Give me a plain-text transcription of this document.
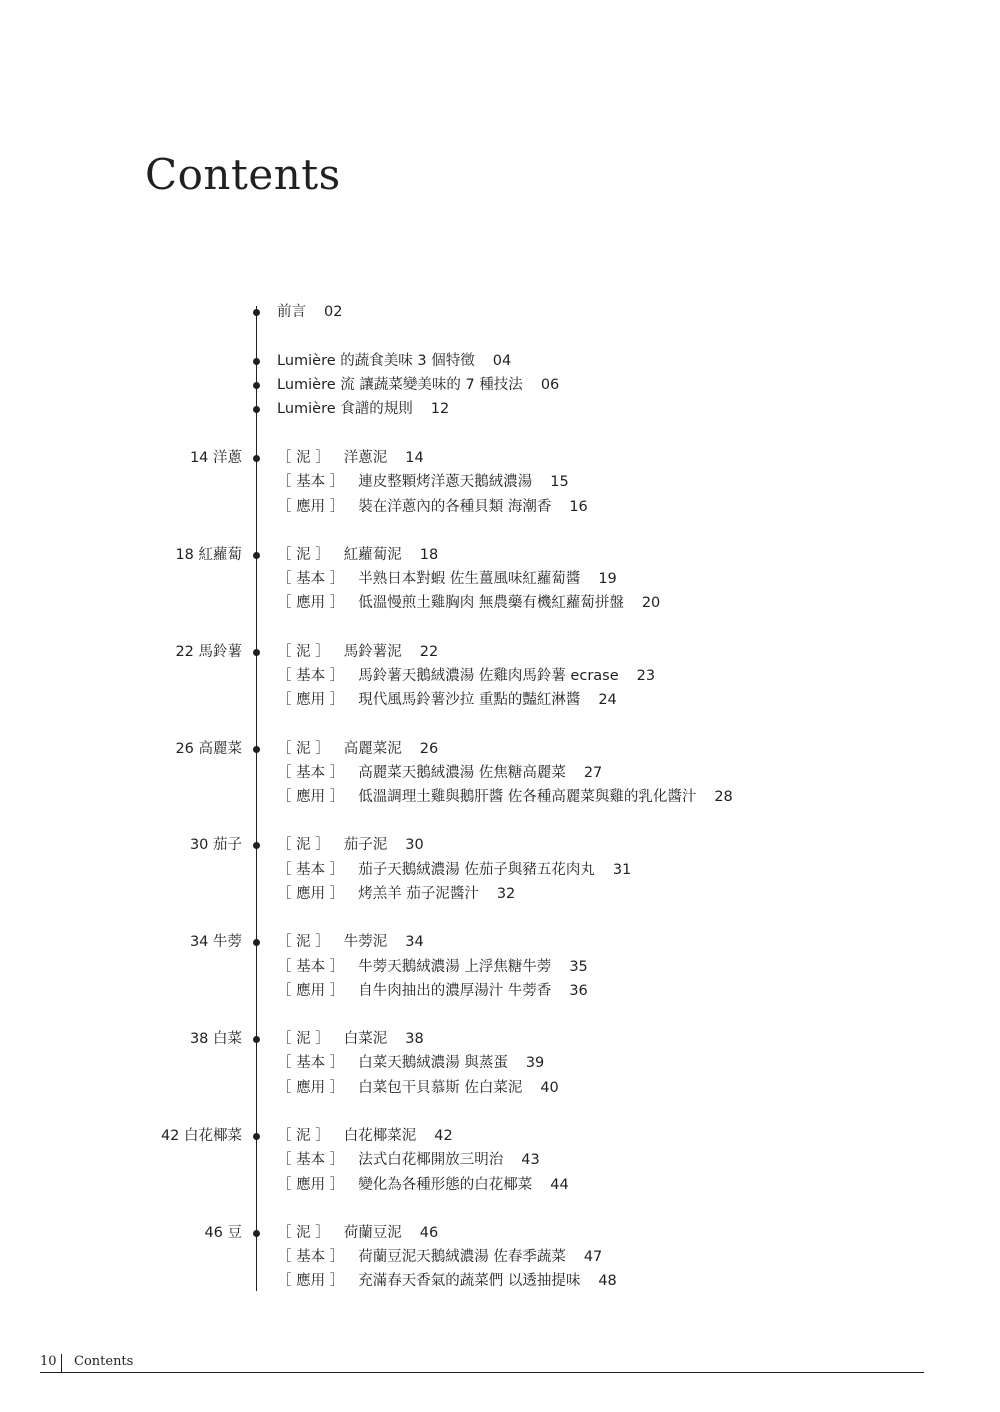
Contents
前言 02
Lumière 的蔬食美味 3 個特徵 04
Lumière 流 讓蔬菜變美味的 7 種技法 06
Lumière 食譜的規則 12
14 洋蔥 ［ 泥 ］ 洋蔥泥 14
［ 基本 ］ 連皮整顆烤洋蔥天鵝絨濃湯 15
［ 應用 ］ 裝在洋蔥內的各種貝類 海潮香 16
18 紅蘿蔔 ［ 泥 ］ 紅蘿蔔泥 18
［ 基本 ］ 半熟日本對蝦 佐生薑風味紅蘿蔔醬 19
［ 應用 ］ 低溫慢煎土雞胸肉 無農藥有機紅蘿蔔拼盤 20
22 馬鈴薯 ［ 泥 ］ 馬鈴薯泥 22
［ 基本 ］ 馬鈴薯天鵝絨濃湯 佐雞肉馬鈴薯 ecrase 23
［ 應用 ］ 現代風馬鈴薯沙拉 重點的豔紅淋醬 24
26 高麗菜 ［ 泥 ］ 高麗菜泥 26
［ 基本 ］ 高麗菜天鵝絨濃湯 佐焦糖高麗菜 27
［ 應用 ］ 低溫調理土雞與鵝肝醬 佐各種高麗菜與雞的乳化醬汁 28
30 茄子 ［ 泥 ］ 茄子泥 30
［ 基本 ］ 茄子天鵝絨濃湯 佐茄子與豬五花肉丸 31
［ 應用 ］ 烤羔羊 茄子泥醬汁 32
34 牛蒡 ［ 泥 ］ 牛蒡泥 34
［ 基本 ］ 牛蒡天鵝絨濃湯 上浮焦糖牛蒡 35
［ 應用 ］ 自牛肉抽出的濃厚湯汁 牛蒡香 36
38 白菜 ［ 泥 ］ 白菜泥 38
［ 基本 ］ 白菜天鵝絨濃湯 與蒸蛋 39
［ 應用 ］ 白菜包干貝慕斯 佐白菜泥 40
42 白花椰菜 ［ 泥 ］ 白花椰菜泥 42
［ 基本 ］ 法式白花椰開放三明治 43
［ 應用 ］ 變化為各種形態的白花椰菜 44
46 豆 ［ 泥 ］ 荷蘭豆泥 46
［ 基本 ］ 荷蘭豆泥天鵝絨濃湯 佐春季蔬菜 47
［ 應用 ］ 充滿春天香氣的蔬菜們 以透抽提味 48
10 Contents
